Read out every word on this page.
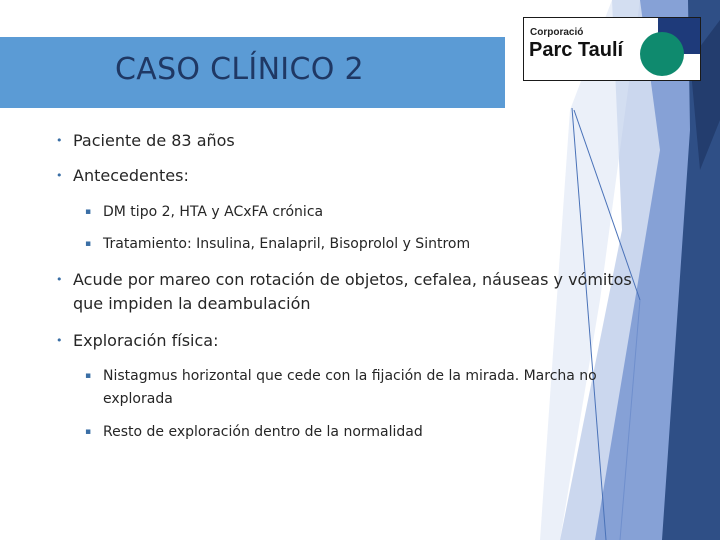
CASO CLÍNICO 2
Corporació
Parc Taulí
• Paciente de 83 años
• Antecedentes:
▪ DM tipo 2, HTA y ACxFA crónica
▪ Tratamiento: Insulina, Enalapril, Bisoprolol y Sintrom
• Acude por mareo con rotación de objetos, cefalea, náuseas y vómitos
que impiden la deambulación
• Exploración física:
▪ Nistagmus horizontal que cede con la fijación de la mirada. Marcha no
explorada
▪ Resto de exploración dentro de la normalidad
